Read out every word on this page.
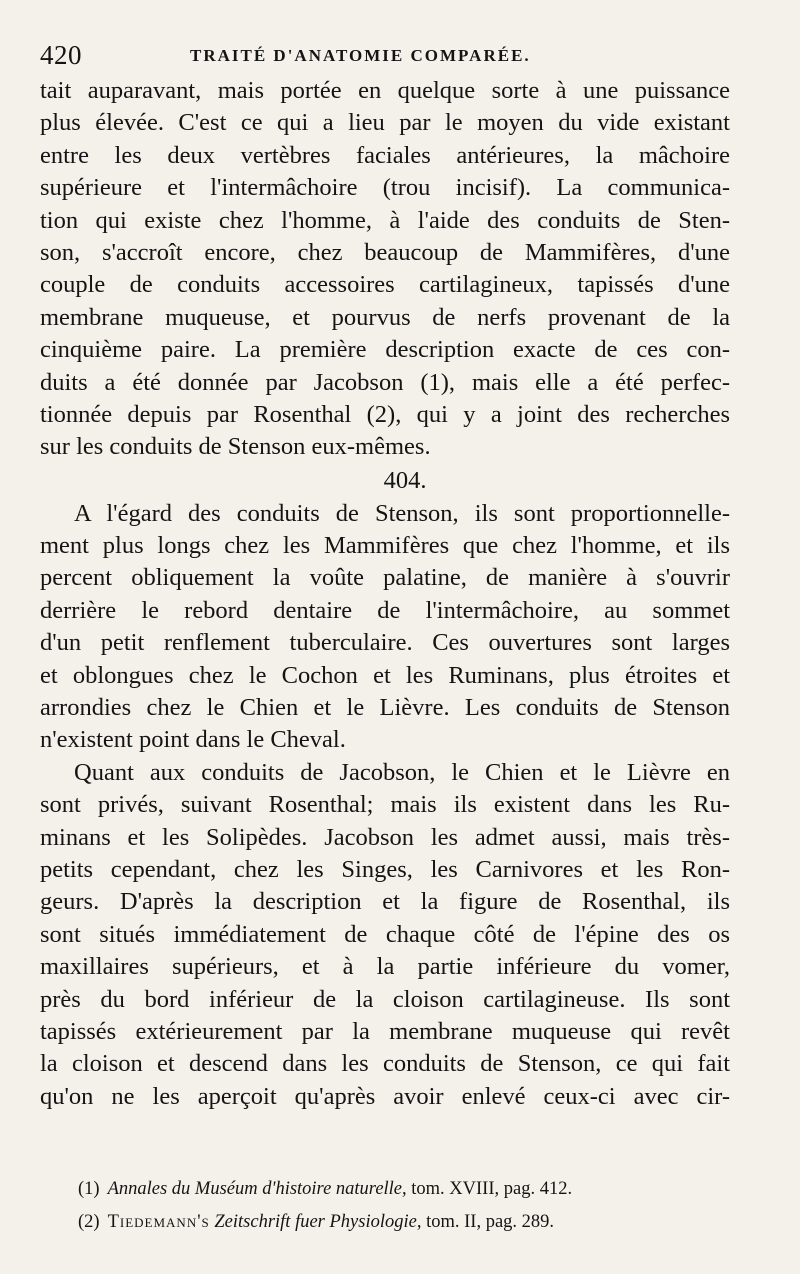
420	TRAITÉ D'ANATOMIE COMPARÉE.
tait auparavant, mais portée en quelque sorte à une puissance
plus élevée. C'est ce qui a lieu par le moyen du vide existant
entre les deux vertèbres faciales antérieures, la mâchoire
supérieure et l'intermâchoire (trou incisif). La communica-
tion qui existe chez l'homme, à l'aide des conduits de Sten-
son, s'accroît encore, chez beaucoup de Mammifères, d'une
couple de conduits accessoires cartilagineux, tapissés d'une
membrane muqueuse, et pourvus de nerfs provenant de la
cinquième paire. La première description exacte de ces con-
duits a été donnée par Jacobson (1), mais elle a été perfec-
tionnée depuis par Rosenthal (2), qui y a joint des recherches
sur les conduits de Stenson eux-mêmes.
404.
A l'égard des conduits de Stenson, ils sont proportionnelle-
ment plus longs chez les Mammifères que chez l'homme, et ils
percent obliquement la voûte palatine, de manière à s'ouvrir
derrière le rebord dentaire de l'intermâchoire, au sommet
d'un petit renflement tuberculaire. Ces ouvertures sont larges
et oblongues chez le Cochon et les Ruminans, plus étroites et
arrondies chez le Chien et le Lièvre. Les conduits de Stenson
n'existent point dans le Cheval.
Quant aux conduits de Jacobson, le Chien et le Lièvre en
sont privés, suivant Rosenthal; mais ils existent dans les Ru-
minans et les Solipèdes. Jacobson les admet aussi, mais très-
petits cependant, chez les Singes, les Carnivores et les Ron-
geurs. D'après la description et la figure de Rosenthal, ils
sont situés immédiatement de chaque côté de l'épine des os
maxillaires supérieurs, et à la partie inférieure du vomer,
près du bord inférieur de la cloison cartilagineuse. Ils sont
tapissés extérieurement par la membrane muqueuse qui revêt
la cloison et descend dans les conduits de Stenson, ce qui fait
qu'on ne les aperçoit qu'après avoir enlevé ceux-ci avec cir-
(1) Annales du Muséum d'histoire naturelle, tom. XVIII, pag. 412.
(2) Tiedemann's Zeitschrift fuer Physiologie, tom. II, pag. 289.
